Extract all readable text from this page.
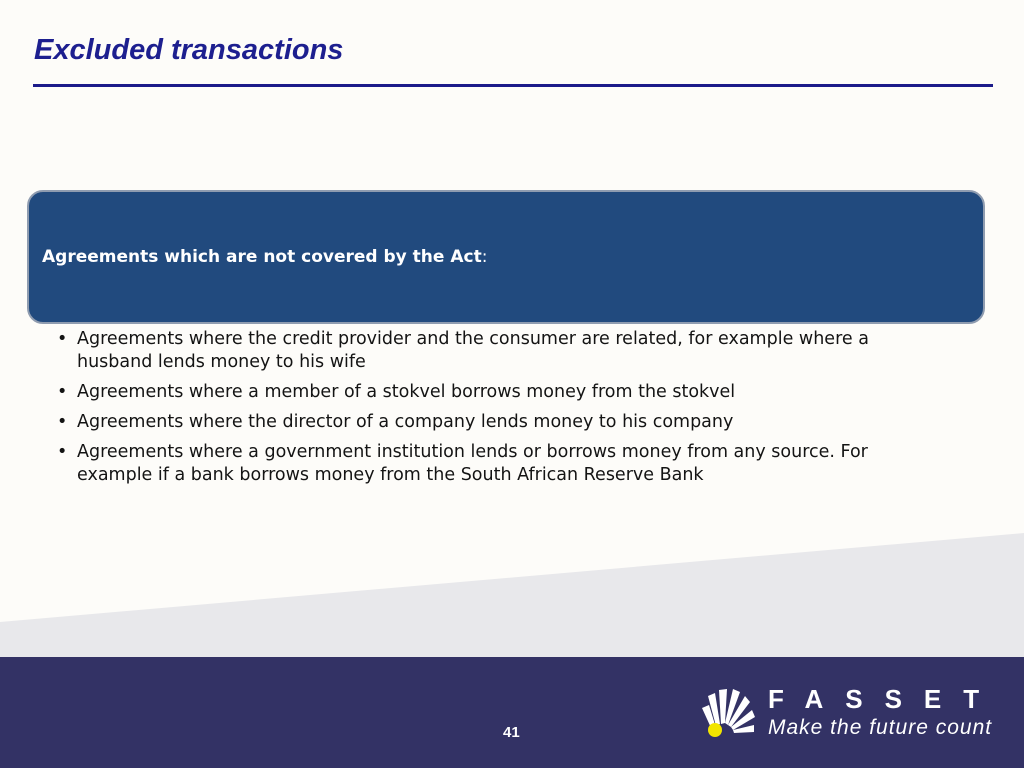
Excluded transactions
Agreements which are not covered by the Act:
• Agreements where the credit provider and the consumer are related, for example where a husband lends money to his wife
• Agreements where a member of a stokvel borrows money from the stokvel
• Agreements where the director of a company lends money to his company
• Agreements where a government institution lends or borrows money from any source. For example if a bank borrows money from the South African Reserve Bank
41
FASSET
Make the future count
